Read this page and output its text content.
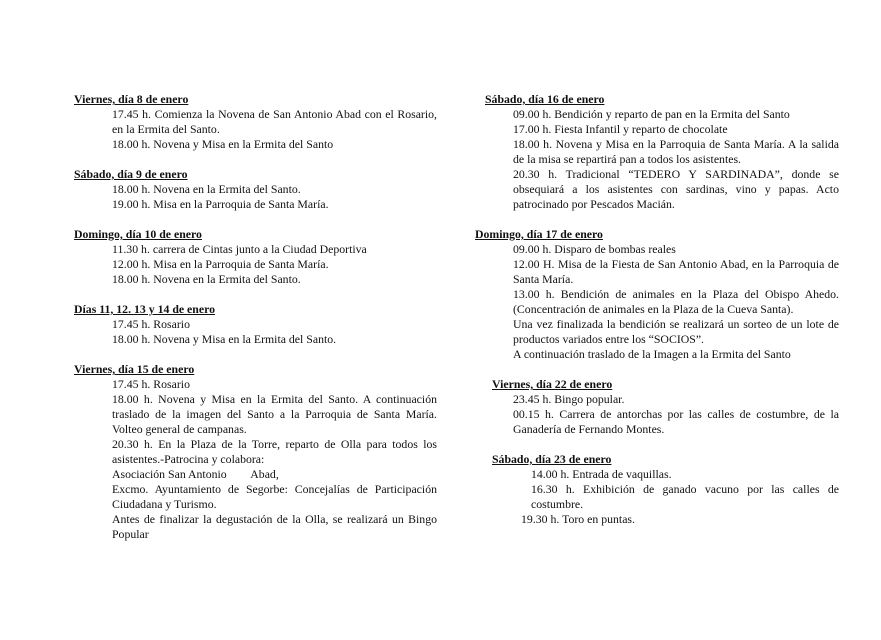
Viernes, día 8 de enero
17.45 h. Comienza la Novena de San Antonio Abad con el Rosario, en la Ermita del Santo.
18.00 h. Novena y Misa en la Ermita del Santo
Sábado, día 9 de enero
18.00 h. Novena en la Ermita del Santo.
19.00 h. Misa en la Parroquia de Santa María.
Domingo, día 10 de enero
11.30 h. carrera de Cintas junto a la Ciudad Deportiva
12.00 h. Misa en la Parroquia de Santa María.
18.00 h. Novena en la Ermita del Santo.
Días 11, 12. 13 y 14 de enero
17.45 h. Rosario
18.00 h. Novena y Misa en la Ermita del Santo.
Viernes, día 15 de enero
17.45 h. Rosario
18.00 h. Novena y Misa en la Ermita del Santo. A continuación traslado de la imagen del Santo a la Parroquia de Santa María. Volteo general de campanas.
20.30 h. En la Plaza de la Torre, reparto de Olla para todos los asistentes.-Patrocina y colabora:
Asociación San Antonio        Abad,
Excmo. Ayuntamiento de Segorbe: Concejalías de Participación Ciudadana y Turismo.
Antes de finalizar la degustación de la Olla, se realizará un Bingo Popular
Sábado, día 16 de enero
09.00 h. Bendición y reparto de pan en la Ermita del Santo
17.00 h. Fiesta Infantil y reparto de chocolate
18.00 h. Novena y Misa en la Parroquia de Santa María. A la salida de la misa se repartirá pan a todos los asistentes.
20.30 h. Tradicional “TEDERO Y SARDINADA”, donde se obsequiará a los asistentes con sardinas, vino y papas. Acto patrocinado por Pescados Macián.
Domingo, día 17 de enero
09.00 h. Disparo de bombas reales
12.00 H. Misa de la Fiesta de San Antonio Abad, en la Parroquia de Santa María.
13.00 h. Bendición de animales en la Plaza del Obispo Ahedo. (Concentración de animales en la Plaza de la Cueva Santa).
Una vez finalizada la bendición se realizará un sorteo de un lote de productos variados entre los “SOCIOS”.
A continuación traslado de la Imagen a la Ermita del Santo
Viernes, día 22 de enero
23.45 h. Bingo popular.
00.15 h. Carrera de antorchas por las calles de costumbre, de la Ganadería de Fernando Montes.
Sábado, día 23 de enero
14.00 h. Entrada de vaquillas.
16.30 h. Exhibición de ganado vacuno por las calles de costumbre.
19.30 h. Toro en puntas.
